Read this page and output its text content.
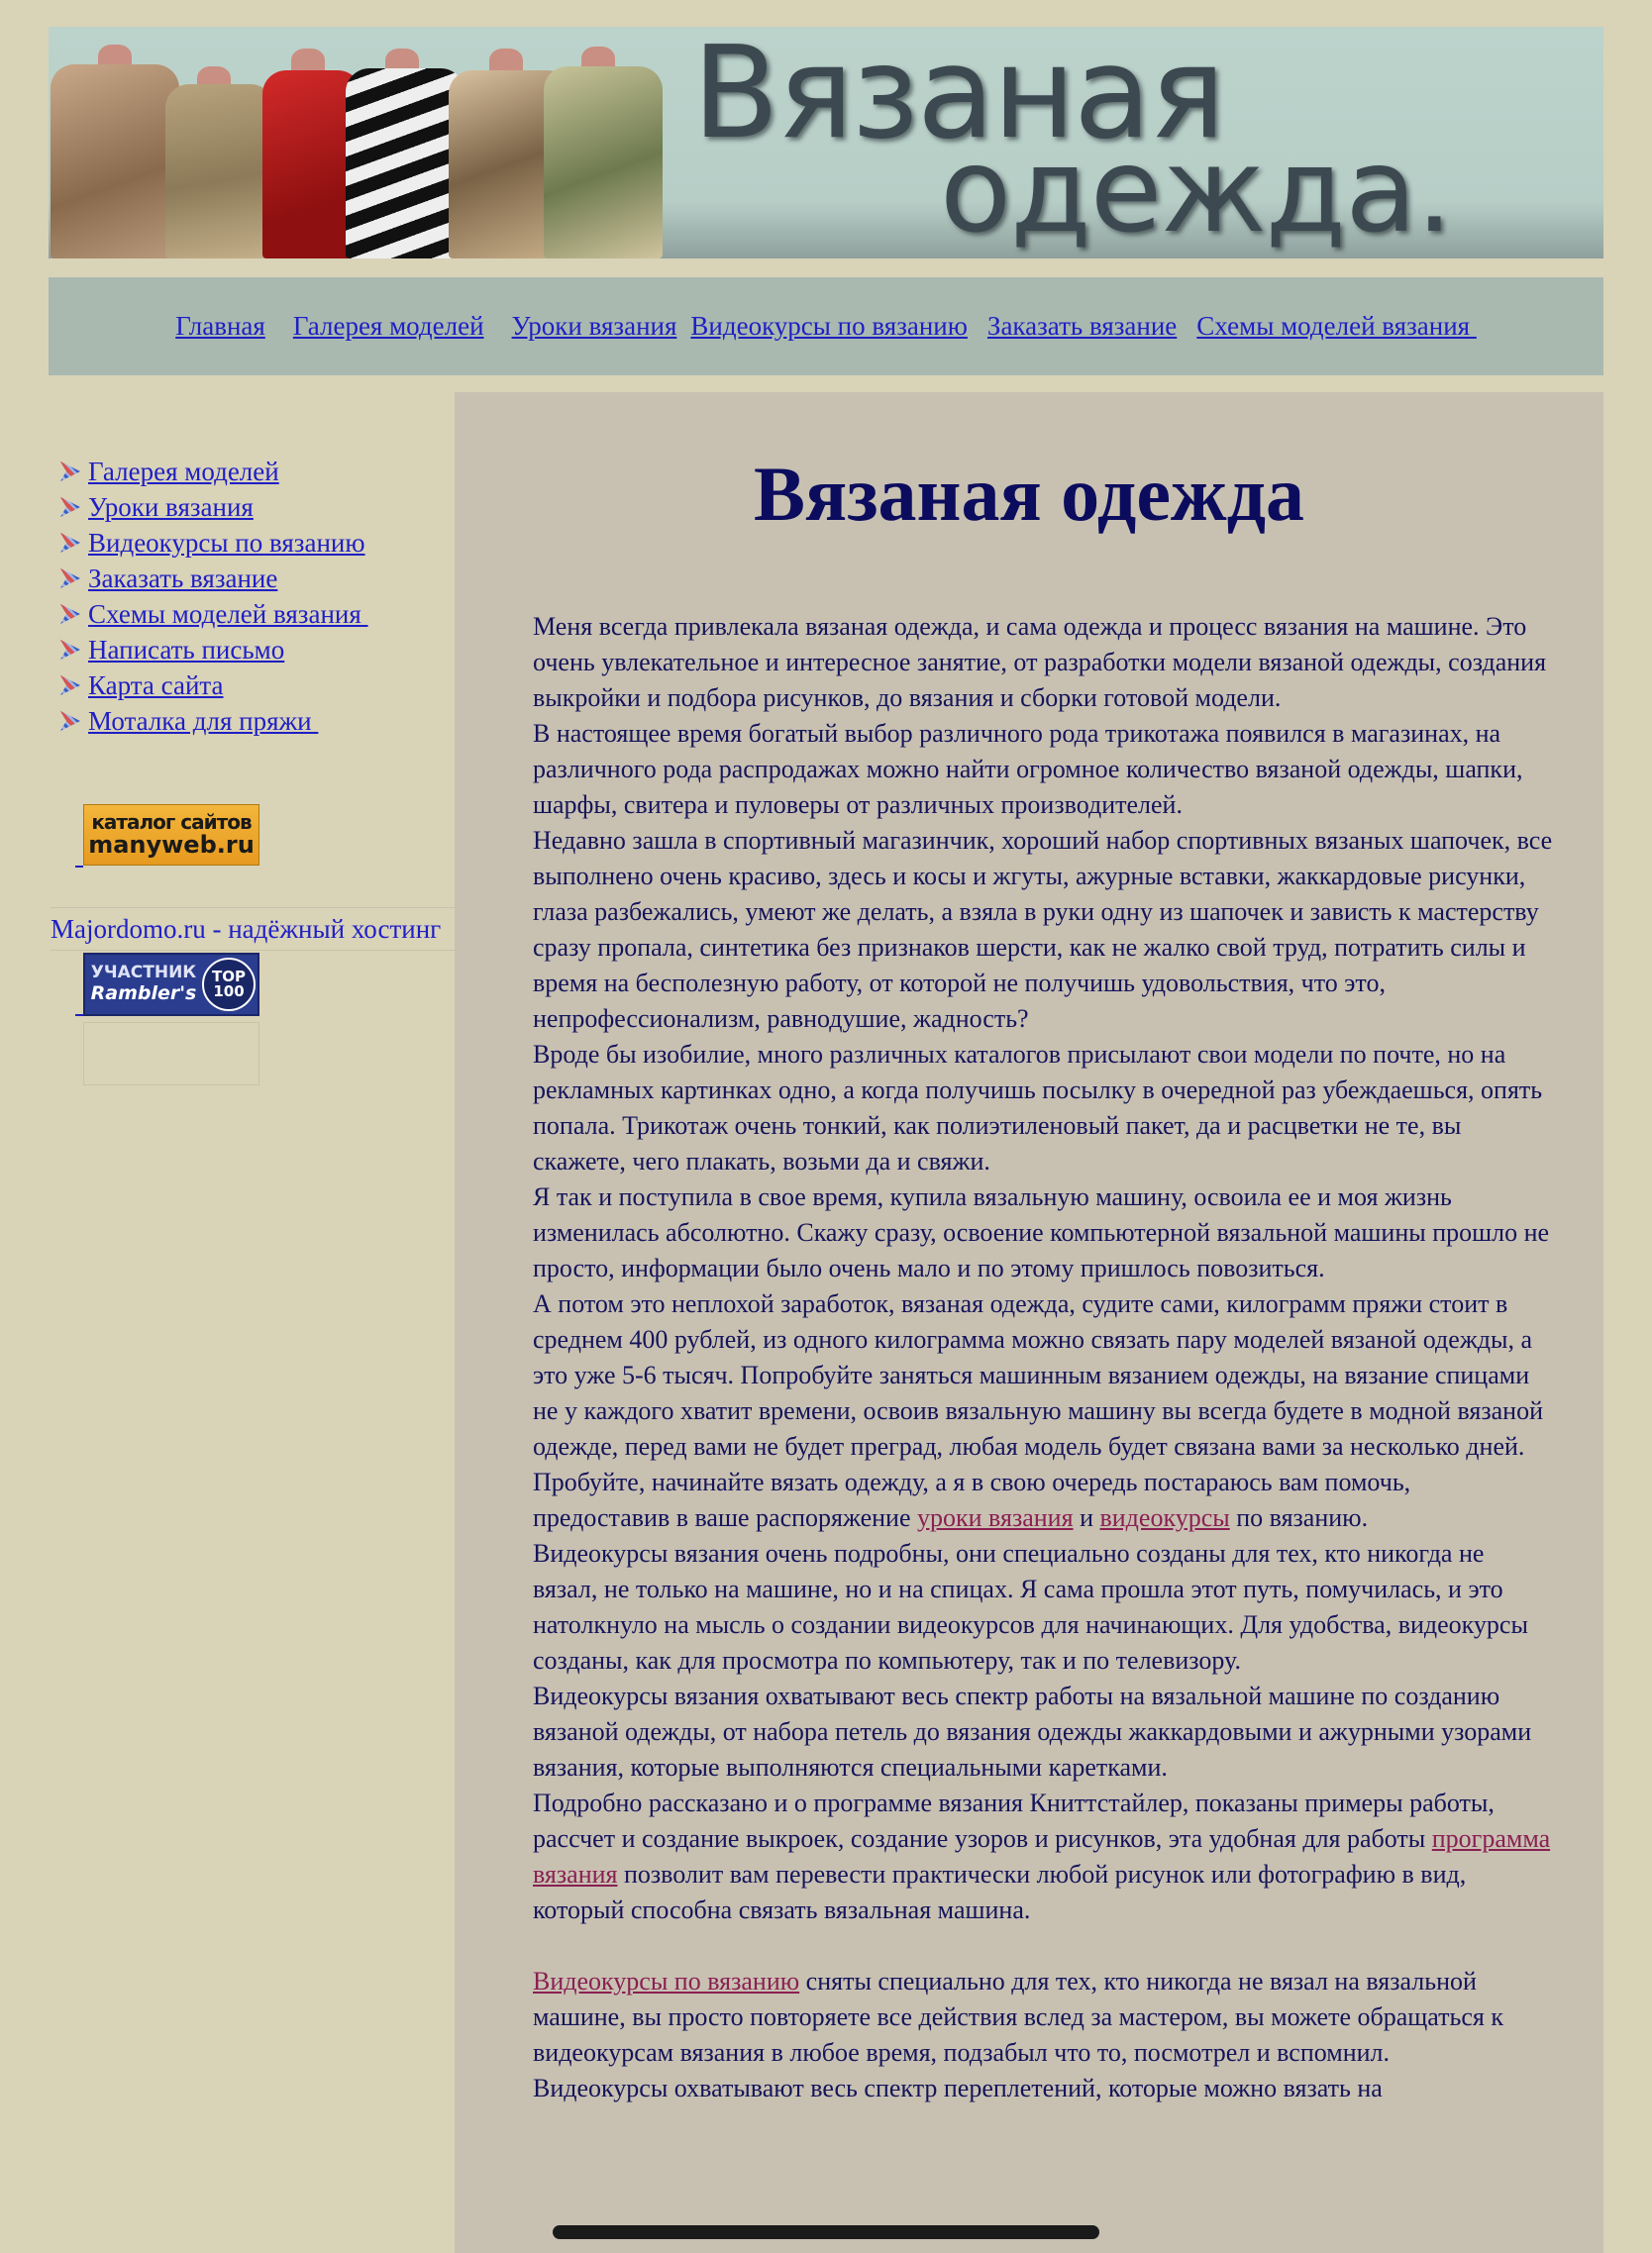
Вязаная
одежда.
Главная Галерея моделей Уроки вязания Видеокурсы по вязанию Заказать вязание Схемы моделей вязания
Галерея моделей
Уроки вязания
Видеокурсы по вязанию
Заказать вязание
Схемы моделей вязания
Написать письмо
Карта сайта
Моталка для пряжи
каталог сайтов
manyweb.ru
Majordomo.ru - надёжный хостинг
УЧАСТНИК
Rambler's
TOP
100
Вязаная одежда

Меня всегда привлекала вязаная одежда, и сама одежда и процесс вязания на машине. Это очень увлекательное и интересное занятие, от разработки модели вязаной одежды, создания выкройки и подбора рисунков, до вязания и сборки готовой модели.

В настоящее время богатый выбор различного рода трикотажа появился в магазинах, на различного рода распродажах можно найти огромное количество вязаной одежды, шапки, шарфы, свитера и пуловеры от различных производителей.

Недавно зашла в спортивный магазинчик, хороший набор спортивных вязаных шапочек, все выполнено очень красиво, здесь и косы и жгуты, ажурные вставки, жаккардовые рисунки, глаза разбежались, умеют же делать, а взяла в руки одну из шапочек и зависть к мастерству сразу пропала, синтетика без признаков шерсти, как не жалко свой труд, потратить силы и время на бесполезную работу, от которой не получишь удовольствия, что это, непрофессионализм, равнодушие, жадность?

Вроде бы изобилие, много различных каталогов присылают свои модели по почте, но на рекламных картинках одно, а когда получишь посылку в очередной раз убеждаешься, опять попала. Трикотаж очень тонкий, как полиэтиленовый пакет, да и расцветки не те, вы скажете, чего плакать, возьми да и свяжи.

Я так и поступила в свое время, купила вязальную машину, освоила ее и моя жизнь изменилась абсолютно. Скажу сразу, освоение компьютерной вязальной машины прошло не просто, информации было очень мало и по этому пришлось повозиться.

А потом это неплохой заработок, вязаная одежда, судите сами, килограмм пряжи стоит в среднем 400 рублей, из одного килограмма можно связать пару моделей вязаной одежды, а это уже 5-6 тысяч. Попробуйте заняться машинным вязанием одежды, на вязание спицами не у каждого хватит времени, освоив вязальную машину вы всегда будете в модной вязаной одежде, перед вами не будет преград, любая модель будет связана вами за несколько дней. Пробуйте, начинайте вязать одежду, а я в свою очередь постараюсь вам помочь, предоставив в ваше распоряжение уроки вязания и видеокурсы по вязанию.

Видеокурсы вязания очень подробны, они специально созданы для тех, кто никогда не вязал, не только на машине, но и на спицах. Я сама прошла этот путь, помучилась, и это натолкнуло на мысль о создании видеокурсов для начинающих. Для удобства, видеокурсы созданы, как для просмотра по компьютеру, так и по телевизору.

Видеокурсы вязания охватывают весь спектр работы на вязальной машине по созданию вязаной одежды, от набора петель до вязания одежды жаккардовыми и ажурными узорами вязания, которые выполняются специальными каретками.

Подробно рассказано и о программе вязания Книттстайлер, показаны примеры работы, рассчет и создание выкроек, создание узоров и рисунков, эта удобная для работы программа вязания позволит вам перевести практически любой рисунок или фотографию в вид, который способна связать вязальная машина.

Видеокурсы по вязанию сняты специально для тех, кто никогда не вязал на вязальной машине, вы просто повторяете все действия вслед за мастером, вы можете обращаться к видеокурсам вязания в любое время, подзабыл что то, посмотрел и вспомнил.

Видеокурсы охватывают весь спектр переплетений, которые можно вязать на
